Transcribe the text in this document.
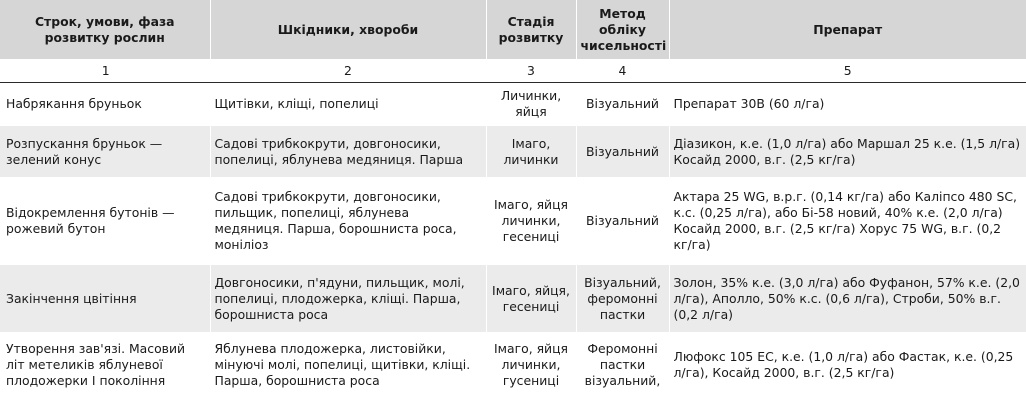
Строк, умови, фаза розвитку рослин	Шкідники, хвороби	Стадія розвитку	Метод обліку чисельності	Препарат
1	2	3	4	5
Набрякання бруньок	Щитівки, кліщі, попелиці	Личинки, яйця	Візуальний	Препарат 30В (60 л/га)
Розпускання бруньок — зелений конус	Садові трибкокрути, довгоносики, попелиці, яблунева медяниця. Парша	Імаго, личинки	Візуальний	Діазикон, к.е. (1,0 л/га) або Маршал 25 к.е. (1,5 л/га) Косайд 2000, в.г. (2,5 кг/га)
Відокремлення бутонів — рожевий бутон	Садові трибкокрути, довгоносики, пильщик, попелиці, яблунева медяниця. Парша, борошниста роса, моніліоз	Імаго, яйця личинки, гесениці	Візуальний	Актара 25 WG, в.р.г. (0,14 кг/га) або Каліпсо 480 SC, к.с. (0,25 л/га), або Бі-58 новий, 40% к.е. (2,0 л/га) Косайд 2000, в.г. (2,5 кг/га) Хорус 75 WG, в.г. (0,2 кг/га)
Закінчення цвітіння	Довгоносики, п'ядуни, пильщик, молі, попелиці, плодожерка, кліщі. Парша, борошниста роса	Імаго, яйця, гесениці	Візуальний, феромонні пастки	Золон, 35% к.е. (3,0 л/га) або Фуфанон, 57% к.е. (2,0 л/га), Аполло, 50% к.с. (0,6 л/га), Строби, 50% в.г. (0,2 л/га)
Утворення зав'язі. Масовий літ метеликів яблуневої плодожерки І покоління	Яблунева плодожерка, листовійки, мінуючі молі, попелиці, щитівки, кліщі. Парша, борошниста роса	Імаго, яйця личинки, гусениці	Феромонні пастки візуальний,	Люфокс 105 ЕС, к.е. (1,0 л/га) або Фастак, к.е. (0,25 л/га), Косайд 2000, в.г. (2,5 кг/га)
